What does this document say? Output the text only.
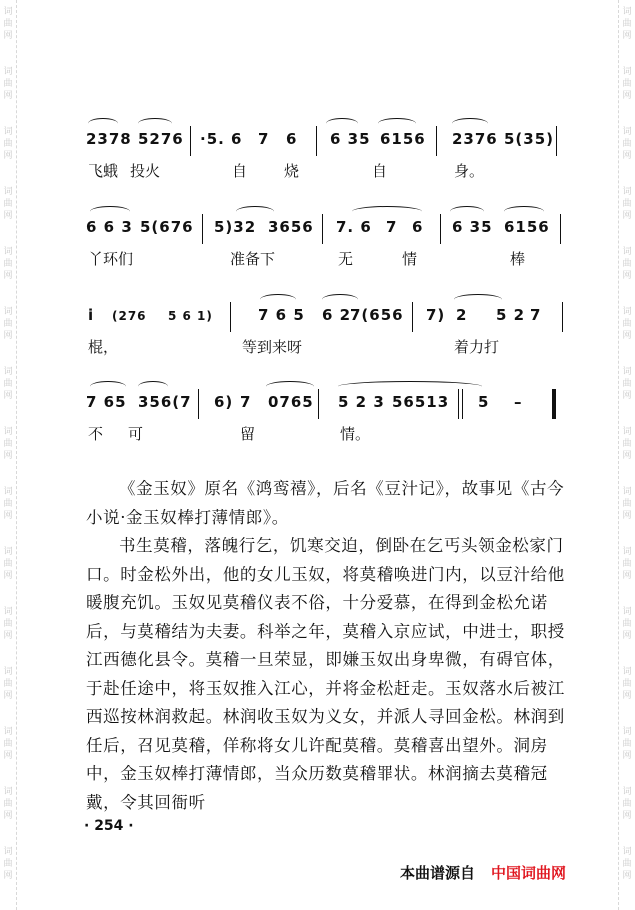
词
曲
网
词
曲
网
词
曲
网
词
曲
网
词
曲
网
词
曲
网
词
曲
网
词
曲
网
词
曲
网
词
曲
网
词
曲
网
词
曲
网
词
曲
网
词
曲
网
词
曲
网
词
曲
网
词
曲
网
词
曲
网
词
曲
网
词
曲
网
词
曲
网
词
曲
网
词
曲
网
词
曲
网
词
曲
网
词
曲
网
词
曲
网
词
曲
网
词
曲
网
词
曲
网
2378 5276 ·5. 6 7 6 6 35 6156 2376 5(35)
飞蛾 投火	自 烧	自	身。
6 6 3 5(676 5)32 3656 7. 6 7 6 6 35 6156
丫环们	准备下	无	情	棒
i (276 5 6 1)	7 6 5 6 2
7(656 7) 2 5 2 7
棍，	等到来呀	着力打
7 65 356(7 6) 7 0765 5 2 3 56513 5 –
不 可	留	情。

《金玉奴》原名《鸿鸾禧》，后名《豆汁记》，故事见《古今小说·金玉奴棒打薄情郎》。

书生莫稽，落魄行乞，饥寒交迫，倒卧在乞丐头领金松家门口。时金松外出，他的女儿玉奴，将莫稽唤进门内，以豆汁给他暖腹充饥。玉奴见莫稽仪表不俗，十分爱慕，在得到金松允诺后，与莫稽结为夫妻。科举之年，莫稽入京应试，中进士，职授江西德化县令。莫稽一旦荣显，即嫌玉奴出身卑微，有碍官体，于赴任途中，将玉奴推入江心，并将金松赶走。玉奴落水后被江西巡按林润救起。林润收玉奴为义女，并派人寻回金松。林润到任后，召见莫稽，佯称将女儿许配莫稽。莫稽喜出望外。洞房中，金玉奴棒打薄情郎，当众历数莫稽罪状。林润摘去莫稽冠戴，令其回衙听

· 254 ·
本曲谱源自 中国词曲网
